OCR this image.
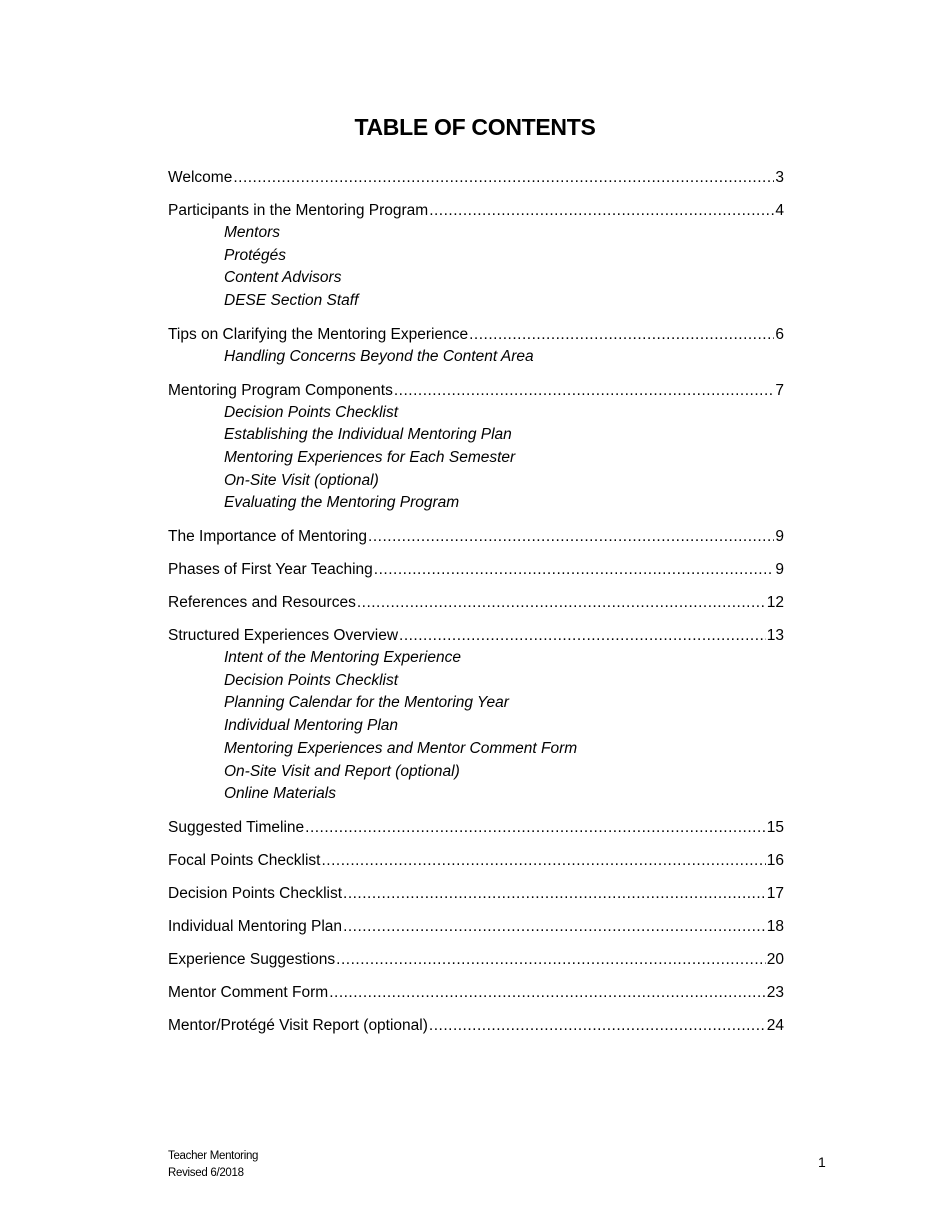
TABLE OF CONTENTS
Welcome .....	3
Participants in the Mentoring Program .....	4
Mentors
Protégés
Content Advisors
DESE Section Staff
Tips on Clarifying the Mentoring Experience .....	6
Handling Concerns Beyond the Content Area
Mentoring Program Components .....	7
Decision Points Checklist
Establishing the Individual Mentoring Plan
Mentoring Experiences for Each Semester
On-Site Visit (optional)
Evaluating the Mentoring Program
The Importance of Mentoring .....	9
Phases of First Year Teaching .....	9
References and Resources .....	12
Structured Experiences Overview .....	13
Intent of the Mentoring Experience
Decision Points Checklist
Planning Calendar for the Mentoring Year
Individual Mentoring Plan
Mentoring Experiences and Mentor Comment Form
On-Site Visit and Report (optional)
Online Materials
Suggested Timeline .....	15
Focal Points Checklist .....	16
Decision Points Checklist .....	17
Individual Mentoring Plan .....	18
Experience Suggestions .....	20
Mentor Comment Form .....	23
Mentor/Protégé Visit Report (optional) .....	24
Teacher Mentoring
Revised 6/2018
1
